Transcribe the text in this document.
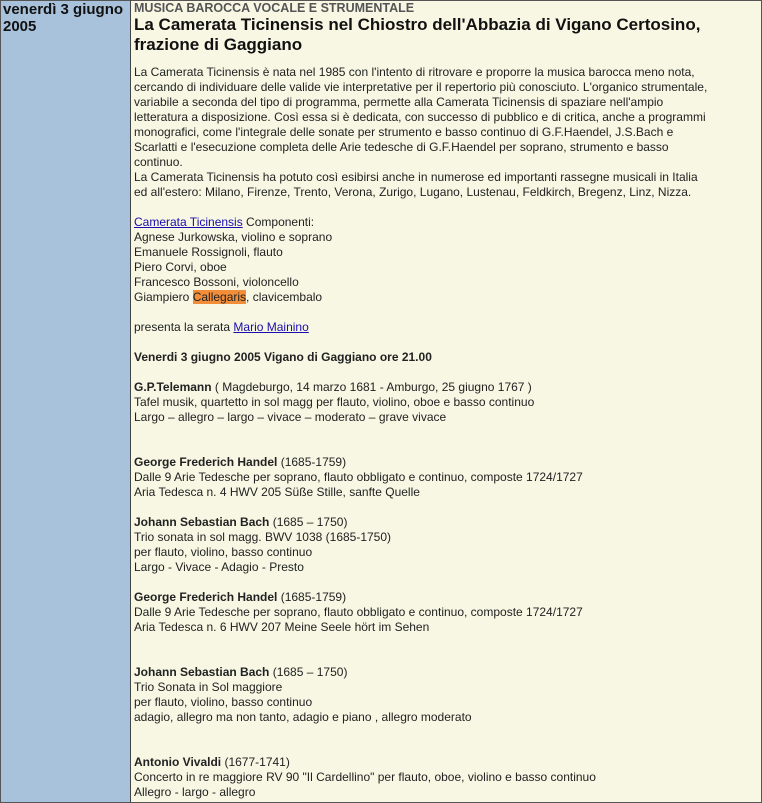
venerdì 3 giugno 2005
MUSICA BAROCCA VOCALE E STRUMENTALE
La Camerata Ticinensis nel Chiostro dell'Abbazia di Vigano Certosino, frazione di Gaggiano
La Camerata Ticinensis è nata nel 1985 con l'intento di ritrovare e proporre la musica barocca meno nota,
cercando di individuare delle valide vie interpretative per il repertorio più conosciuto. L'organico strumentale,
variabile a seconda del tipo di programma, permette alla Camerata Ticinensis di spaziare nell'ampio
letteratura a disposizione. Così essa si è dedicata, con successo di pubblico e di critica, anche a programmi
monografici, come l'integrale delle sonate per strumento e basso continuo di G.F.Haendel, J.S.Bach e
Scarlatti e l'esecuzione completa delle Arie tedesche di G.F.Haendel per soprano, strumento e basso
continuo.
La Camerata Ticinensis ha potuto così esibirsi anche in numerose ed importanti rassegne musicali in Italia
ed all'estero: Milano, Firenze, Trento, Verona, Zurigo, Lugano, Lustenau, Feldkirch, Bregenz, Linz, Nizza.
Camerata Ticinensis Componenti:
Agnese Jurkowska, violino e soprano
Emanuele Rossignoli, flauto
Piero Corvi, oboe
Francesco Bossoni, violoncello
Giampiero Callegaris, clavicembalo
presenta la serata Mario Mainino
Venerdi 3 giugno 2005 Vigano di Gaggiano ore 21.00
G.P.Telemann ( Magdeburgo, 14 marzo 1681 - Amburgo, 25 giugno 1767 )
Tafel musik, quartetto in sol magg per flauto, violino, oboe e basso continuo
Largo – allegro – largo – vivace – moderato – grave vivace
George Frederich Handel (1685-1759)
Dalle 9 Arie Tedesche per soprano, flauto obbligato e continuo, composte 1724/1727
Aria Tedesca n. 4 HWV 205 Süße Stille, sanfte Quelle
Johann Sebastian Bach (1685 – 1750)
Trio sonata in sol magg. BWV 1038 (1685-1750)
per flauto, violino, basso continuo
Largo - Vivace - Adagio - Presto
George Frederich Handel (1685-1759)
Dalle 9 Arie Tedesche per soprano, flauto obbligato e continuo, composte 1724/1727
Aria Tedesca n. 6 HWV 207 Meine Seele hört im Sehen
Johann Sebastian Bach (1685 – 1750)
Trio Sonata in Sol maggiore
per flauto, violino, basso continuo
adagio, allegro ma non tanto, adagio e piano , allegro moderato
Antonio Vivaldi (1677-1741)
Concerto in re maggiore RV 90 "Il Cardellino" per flauto, oboe, violino e basso continuo
Allegro - largo - allegro
